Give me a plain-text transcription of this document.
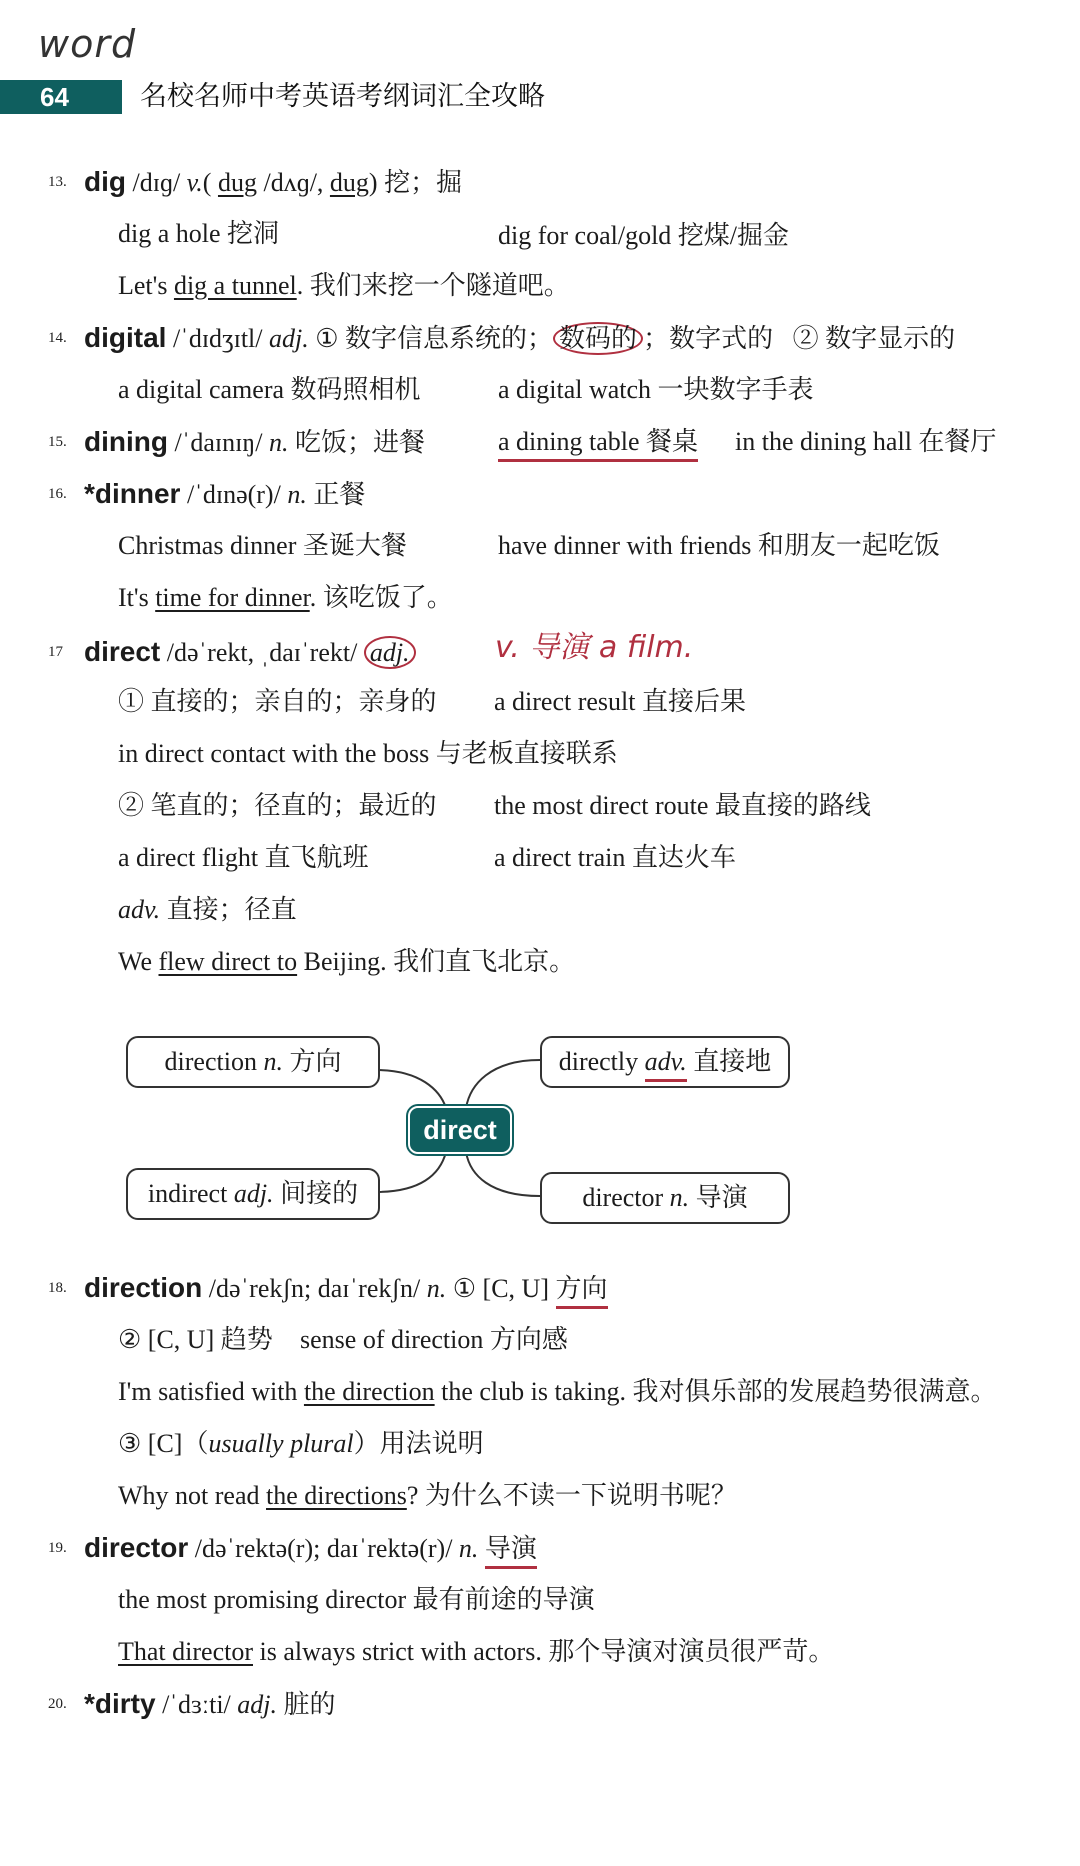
word
64	名校名师中考英语考纲词汇全攻略
13. dig /dɪɡ/ v.( dug /dʌɡ/, dug) 挖；掘
dig a hole 挖洞	dig for coal/gold 挖煤/掘金
Let's dig a tunnel. 我们来挖一个隧道吧。
14. digital /ˈdɪdʒɪtl/ adj. ① 数字信息系统的； 数码的 ；数字式的 ② 数字显示的
a digital camera 数码照相机	a digital watch 一块数字手表
15. dining /ˈdaɪnɪŋ/ n. 吃饭；进餐	a dining table 餐桌 in the dining hall 在餐厅
16. *dinner /ˈdɪnə(r)/ n. 正餐
Christmas dinner 圣诞大餐	have dinner with friends 和朋友一起吃饭
It's time for dinner. 该吃饭了。
17 direct /dəˈrekt, ˌdaɪˈrekt/ adj.	v. 导演 a film.
① 直接的；亲自的；亲身的 a direct result 直接后果
in direct contact with the boss 与老板直接联系
② 笔直的；径直的；最近的 the most direct route 最直接的路线
a direct flight 直飞航班	a direct train 直达火车
adv. 直接；径直
We flew direct to Beijing. 我们直飞北京。
direction n. 方向	directly adv. 直接地
direct
indirect adj. 间接的	director n. 导演
18. direction /dəˈrekʃn; daɪˈrekʃn/ n. ① [C, U] 方向
② [C, U] 趋势 sense of direction 方向感
I'm satisfied with the direction the club is taking. 我对俱乐部的发展趋势很满意。
③ [C]（usually plural）用法说明
Why not read the directions? 为什么不读一下说明书呢？
19. director /dəˈrektə(r); daɪˈrektə(r)/ n. 导演
the most promising director 最有前途的导演
That director is always strict with actors. 那个导演对演员很严苛。
20. *dirty /ˈdɜːti/ adj. 脏的
